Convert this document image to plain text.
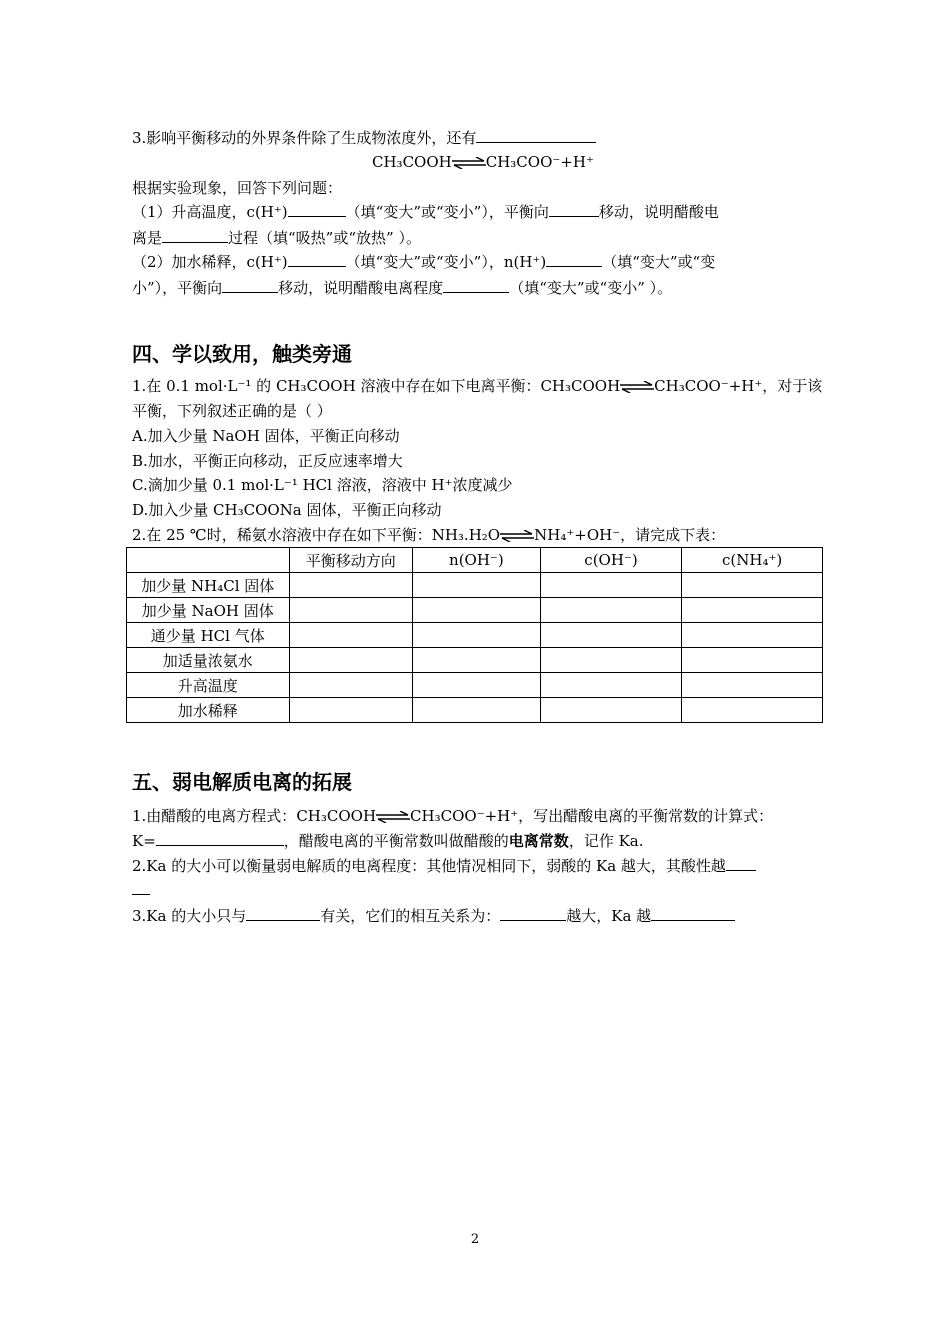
3.影响平衡移动的外界条件除了生成物浓度外，还有
CH₃COOH⇌CH₃COO⁻+H⁺
根据实验现象，回答下列问题：
（1）升高温度，c(H⁺)	（填“变大”或“变小”），平衡向	移动，说明醋酸电
离是	过程（填“吸热”或“放热” ）。
（2）加水稀释，c(H⁺)	（填“变大”或“变小”），n(H⁺)	（填“变大”或“变
小”），平衡向	移动，说明醋酸电离程度	（填“变大”或“变小” ）。
四、学以致用，触类旁通
1.在 0.1 mol·L⁻¹ 的 CH₃COOH 溶液中存在如下电离平衡：CH₃COOH⇌CH₃COO⁻+H⁺，对于该
平衡，下列叙述正确的是（ ）
A.加入少量 NaOH 固体，平衡正向移动
B.加水，平衡正向移动，正反应速率增大
C.滴加少量 0.1 mol·L⁻¹ HCl 溶液，溶液中 H⁺浓度减少
D.加入少量 CH₃COONa 固体，平衡正向移动
2.在 25 ℃时，稀氨水溶液中存在如下平衡：NH₃.H₂O⇌NH₄⁺+OH⁻，请完成下表：
	平衡移动方向	n(OH⁻)	c(OH⁻)	c(NH₄⁺)
加少量 NH₄Cl 固体				
加少量 NaOH 固体				
通少量 HCl 气体				
加适量浓氨水				
升高温度				
加水稀释				
五、弱电解质电离的拓展
1.由醋酸的电离方程式：CH₃COOH⇌CH₃COO⁻+H⁺，写出醋酸电离的平衡常数的计算式：
K=	，醋酸电离的平衡常数叫做醋酸的电离常数，记作 Ka.
2.Ka 的大小可以衡量弱电解质的电离程度：其他情况相同下，弱酸的 Ka 越大，其酸性越
3.Ka 的大小只与	有关，它们的相互关系为：	越大，Ka 越
2
